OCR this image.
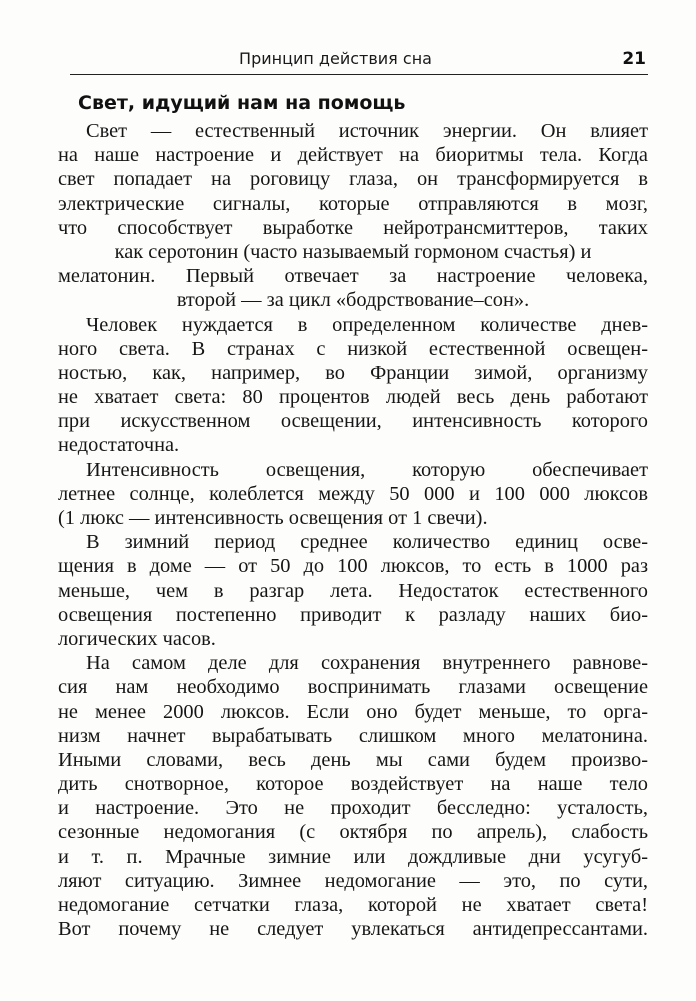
Принцип действия сна	21
Свет, идущий нам на помощь
Свет — естественный источник энергии. Он влияет
на наше настроение и действует на биоритмы тела. Когда
свет попадает на роговицу глаза, он трансформируется в
электрические сигналы, которые отправляются в мозг,
что способствует выработке нейротрансмиттеров, таких
как серотонин (часто называемый гормоном счастья) и
мелатонин. Первый отвечает за настроение человека,
второй — за цикл «бодрствование–сон».
Человек нуждается в определенном количестве днев-
ного света. В странах с низкой естественной освещен-
ностью, как, например, во Франции зимой, организму
не хватает света: 80 процентов людей весь день работают
при искусственном освещении, интенсивность которого
недостаточна.
Интенсивность освещения, которую обеспечивает
летнее солнце, колеблется между 50 000 и 100 000 люксов
(1 люкс — интенсивность освещения от 1 свечи).
В зимний период среднее количество единиц осве-
щения в доме — от 50 до 100 люксов, то есть в 1000 раз
меньше, чем в разгар лета. Недостаток естественного
освещения постепенно приводит к разладу наших био-
логических часов.
На самом деле для сохранения внутреннего равнове-
сия нам необходимо воспринимать глазами освещение
не менее 2000 люксов. Если оно будет меньше, то орга-
низм начнет вырабатывать слишком много мелатонина.
Иными словами, весь день мы сами будем произво-
дить снотворное, которое воздействует на наше тело
и настроение. Это не проходит бесследно: усталость,
сезонные недомогания (с октября по апрель), слабость
и т. п. Мрачные зимние или дождливые дни усугуб-
ляют ситуацию. Зимнее недомогание — это, по сути,
недомогание сетчатки глаза, которой не хватает света!
Вот почему не следует увлекаться антидепрессантами.
